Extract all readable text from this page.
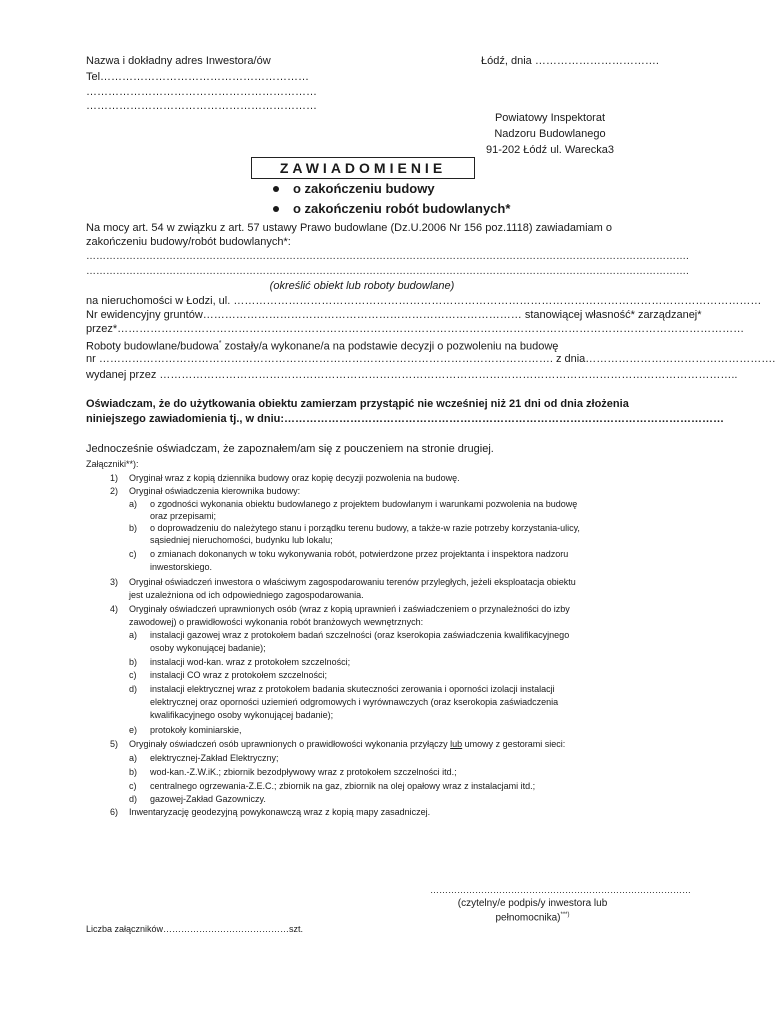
Nazwa i dokładny adres Inwestora/ów
Tel…………………………………………………
………………………………………………………
………………………………………………………
Łódź, dnia …………………………….
Powiatowy Inspektorat
Nadzoru Budowlanego
91-202 Łódź ul. Warecka3
ZAWIADOMIENIE
o zakończeniu budowy
o zakończeniu robót budowlanych*
Na mocy art. 54 w związku z art. 57 ustawy Prawo budowlane (Dz.U.2006 Nr 156 poz.1118) zawiadamiam o
zakończeniu budowy/robót budowlanych*:
……………………………………………………………………………………………………………………………………………………………….
……………………………………………………………………………………………………………………………………………………………….
(określić obiekt lub roboty budowlane)
na nieruchomości w Łodzi, ul. ………………………………………………………………………………………………………………………………
Nr ewidencyjny gruntów…………………………………………………………………………… stanowiącej własność* zarządzanej*
przez*………………………………………………………………………………………………………………………………………………………
Roboty budowlane/budowa* zostały/a wykonane/a na podstawie decyzji o pozwoleniu na budowę
nr ……………………………………………………………………………………………………………. z dnia…………………………………………….
wydanej przez …………………………………………………………………………………………………………………………………………..
Oświadczam, że do użytkowania obiektu zamierzam przystąpić nie wcześniej niż 21 dni od dnia złożenia
niniejszego zawiadomienia tj., w dniu:…………………………………………………………………………………………………………
Jednocześnie oświadczam, że zapoznałem/am się z pouczeniem na stronie drugiej.
Załączniki**):
1) Oryginał wraz z kopią dziennika budowy oraz kopię decyzji pozwolenia na budowę.
2) Oryginał oświadczenia kierownika budowy:
a) o zgodności wykonania obiektu budowlanego z projektem budowlanym i warunkami pozwolenia na budowę
oraz przepisami;
b) o doprowadzeniu do należytego stanu i porządku terenu budowy, a także-w razie potrzeby korzystania-ulicy,
sąsiedniej nieruchomości, budynku lub lokalu;
c) o zmianach dokonanych w toku wykonywania robót, potwierdzone przez projektanta i inspektora nadzoru
inwestorskiego.
3) Oryginał oświadczeń inwestora o właściwym zagospodarowaniu terenów przyległych, jeżeli eksploatacja obiektu
jest uzależniona od ich odpowiedniego zagospodarowania.
4) Oryginały oświadczeń uprawnionych osób (wraz z kopią uprawnień i zaświadczeniem o przynależności do izby
zawodowej) o prawidłowości wykonania robót branżowych wewnętrznych:
a) instalacji gazowej wraz z protokołem badań szczelności (oraz kserokopia zaświadczenia kwalifikacyjnego
osoby wykonującej badanie);
b) instalacji wod-kan. wraz z protokołem szczelności;
c) instalacji CO wraz z protokołem szczelności;
d) instalacji elektrycznej wraz z protokołem badania skuteczności zerowania i oporności izolacji instalacji
elektrycznej oraz oporności uziemień odgromowych i wyrównawczych (oraz kserokopia zaświadczenia
kwalifikacyjnego osoby wykonującej badanie);
e) protokoły kominiarskie,
5) Oryginały oświadczeń osób uprawnionych o prawidłowości wykonania przyłączy lub umowy z gestorami sieci:
a) elektrycznej-Zakład Elektryczny;
b) wod-kan.-Z.W.iK.; zbiornik bezodpływowy wraz z protokołem szczelności itd.;
c) centralnego ogrzewania-Z.E.C.; zbiornik na gaz, zbiornik na olej opałowy wraz z instalacjami itd.;
d) gazowej-Zakład Gazowniczy.
6) Inwentaryzację geodezyjną powykonawczą wraz z kopią mapy zasadniczej.
……………………………………………………………………………
(czytelny/e podpis/y inwestora lub
pełnomocnika)***)
Liczba załączników……………………………………szt.
